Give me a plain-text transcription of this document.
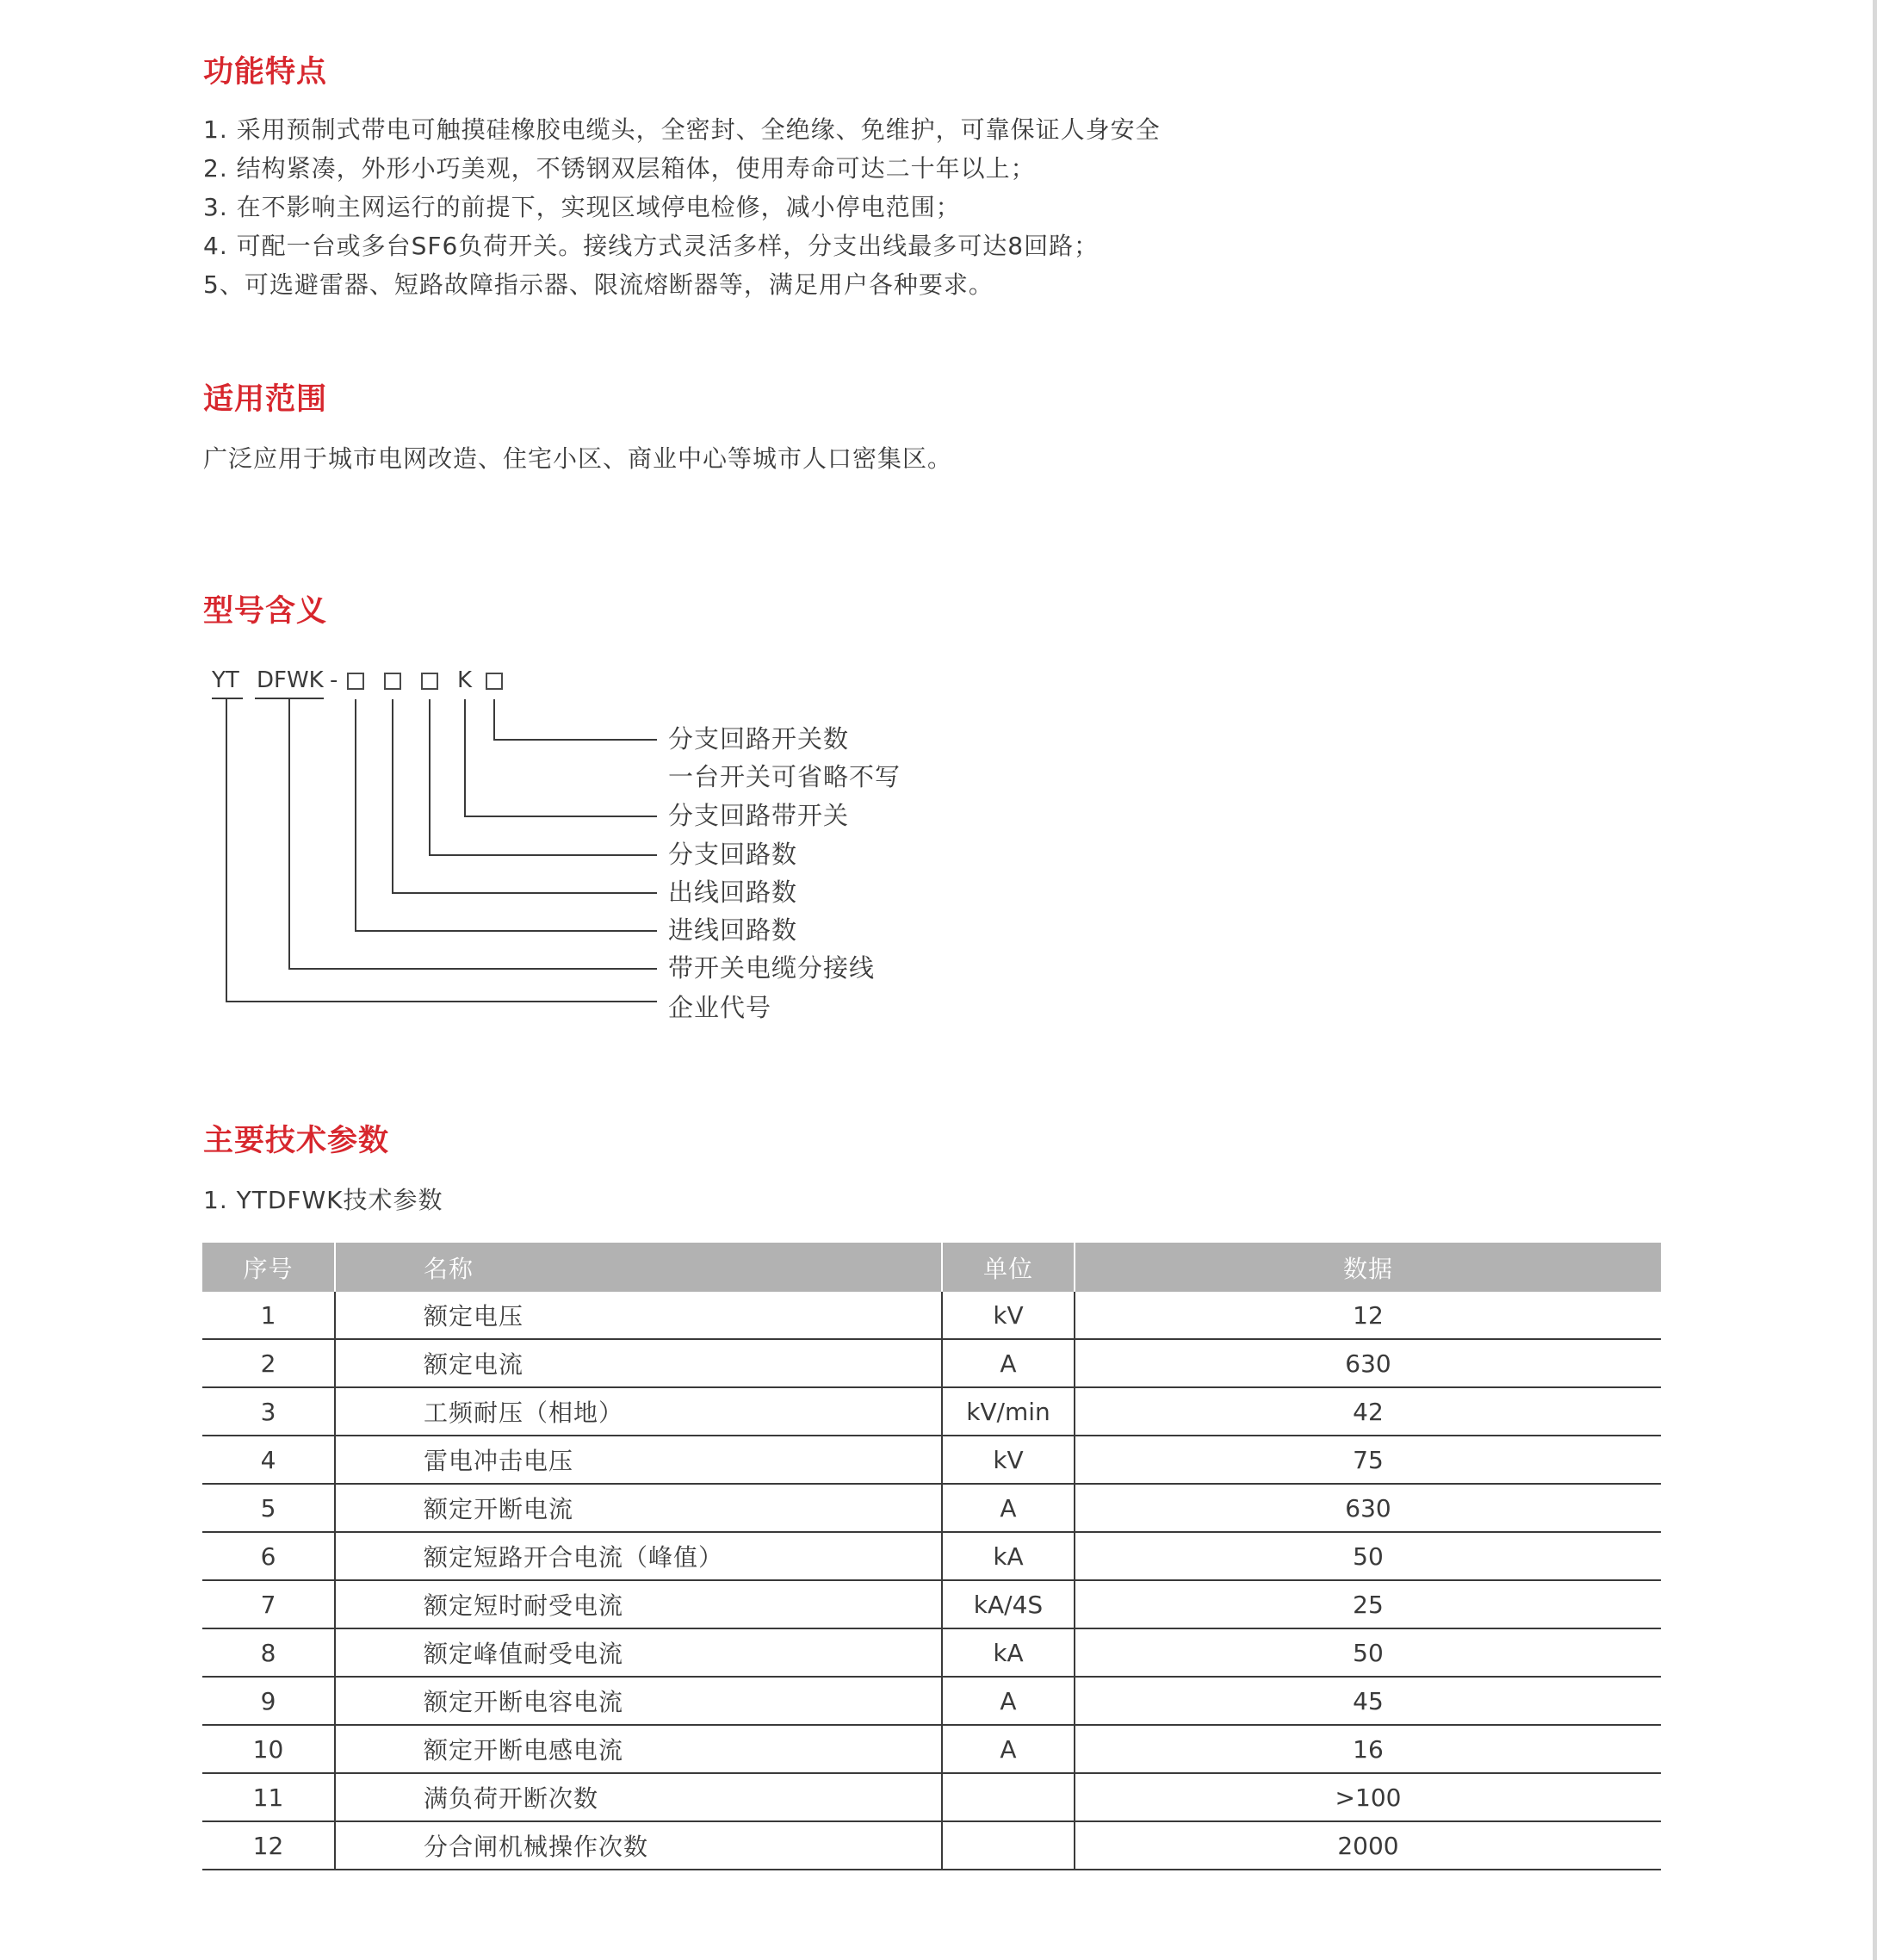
功能特点
1. 采用预制式带电可触摸硅橡胶电缆头，全密封、全绝缘、免维护，可靠保证人身安全
2. 结构紧凑，外形小巧美观，不锈钢双层箱体，使用寿命可达二十年以上；
3. 在不影响主网运行的前提下，实现区域停电检修，减小停电范围；
4. 可配一台或多台SF6负荷开关。接线方式灵活多样，分支出线最多可达8回路；
5、可选避雷器、短路故障指示器、限流熔断器等，满足用户各种要求。
适用范围

广泛应用于城市电网改造、住宅小区、商业中心等城市人口密集区。

型号含义
YT DFWK -	K
分支回路开关数
一台开关可省略不写
分支回路带开关
分支回路数
出线回路数
进线回路数
带开关电缆分接线
企业代号
主要技术参数

1. YTDFWK技术参数

序号	名称	单位	数据
1	额定电压	kV	12
2	额定电流	A	630
3	工频耐压（相地）	kV/min	42
4	雷电冲击电压	kV	75
5	额定开断电流	A	630
6	额定短路开合电流（峰值）	kA	50
7	额定短时耐受电流	kA/4S	25
8	额定峰值耐受电流	kA	50
9	额定开断电容电流	A	45
10	额定开断电感电流	A	16
11	满负荷开断次数		>100
12	分合闸机械操作次数		2000
